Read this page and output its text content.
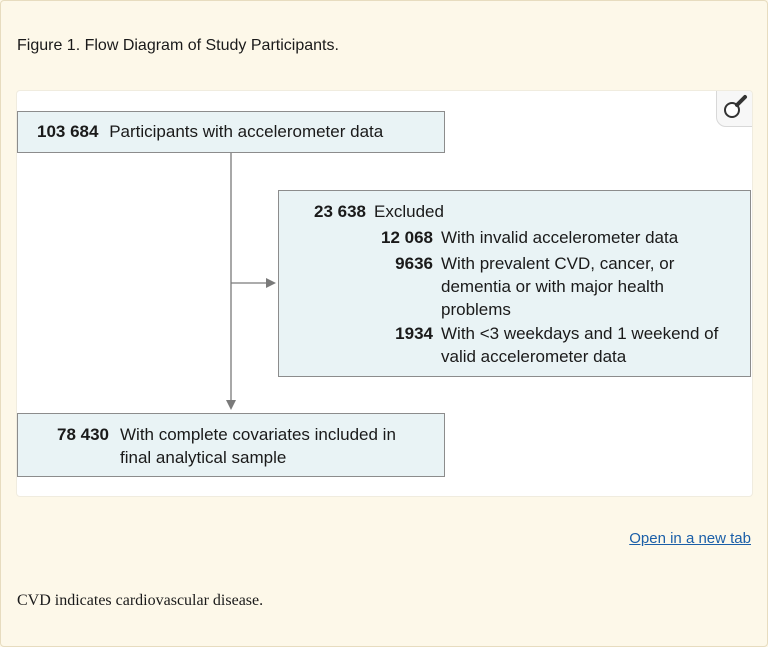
Figure 1. Flow Diagram of Study Participants.
103 684 Participants with accelerometer data
23 638 Excluded
12 068 With invalid accelerometer data
9636 With prevalent CVD, cancer, or dementia or with major health problems
1934 With <3 weekdays and 1 weekend of valid accelerometer data
78 430 With complete covariates included in final analytical sample
Open in a new tab
CVD indicates cardiovascular disease.
